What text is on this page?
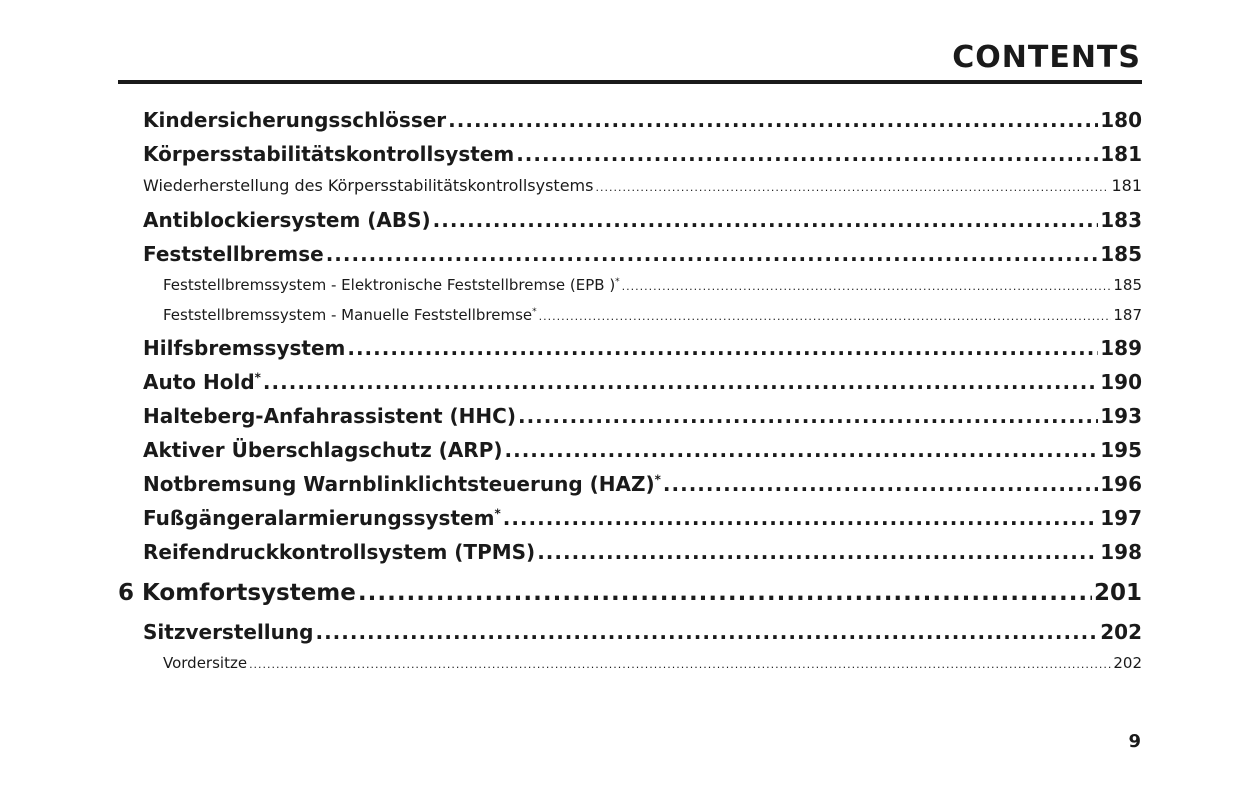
CONTENTS
Kindersicherungsschlösser .....	180
Körpersstabilitätskontrollsystem .....	181
Wiederherstellung des Körpersstabilitätskontrollsystems .....	181
Antiblockiersystem (ABS) .....	183
Feststellbremse .....	185
Feststellbremssystem - Elektronische Feststellbremse (EPB )* .....	185
Feststellbremssystem - Manuelle Feststellbremse* .....	187
Hilfsbremssystem .....	189
Auto Hold* .....	190
Halteberg-Anfahrassistent (HHC) .....	193
Aktiver Überschlagschutz (ARP) .....	195
Notbremsung Warnblinklichtsteuerung (HAZ)* .....	196
Fußgängeralarmierungssystem* .....	197
Reifendruckkontrollsystem (TPMS) .....	198
6 Komfortsysteme .....	201
Sitzverstellung .....	202
Vordersitze .....	202
9
